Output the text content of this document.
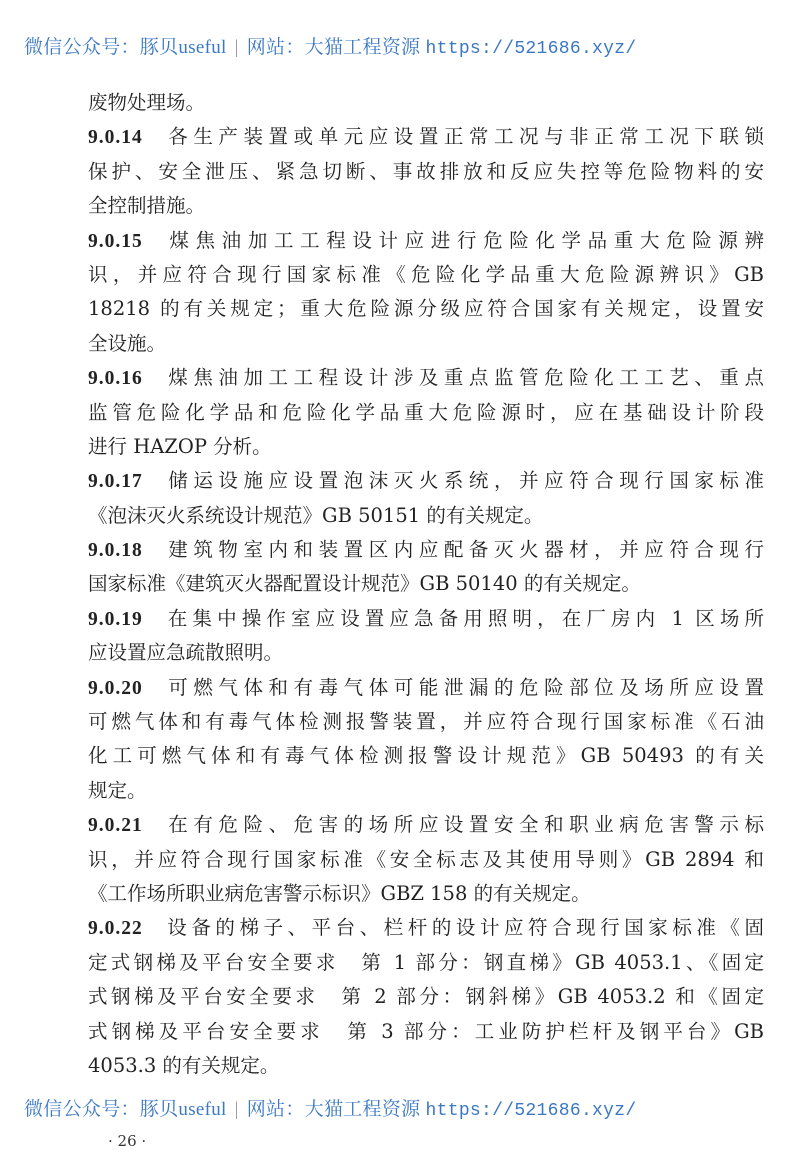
微信公众号：豚贝useful | 网站：大猫工程资源 https://521686.xyz/
废物处理场。
9.0.14 各生产装置或单元应设置正常工况与非正常工况下联锁
保护、安全泄压、紧急切断、事故排放和反应失控等危险物料的安
全控制措施。
9.0.15 煤焦油加工工程设计应进行危险化学品重大危险源辨
识，并应符合现行国家标准《危险化学品重大危险源辨识》GB
18218 的有关规定；重大危险源分级应符合国家有关规定，设置安
全设施。
9.0.16 煤焦油加工工程设计涉及重点监管危险化工工艺、重点
监管危险化学品和危险化学品重大危险源时，应在基础设计阶段
进行 HAZOP 分析。
9.0.17 储运设施应设置泡沫灭火系统，并应符合现行国家标准
《泡沫灭火系统设计规范》GB 50151 的有关规定。
9.0.18 建筑物室内和装置区内应配备灭火器材，并应符合现行
国家标准《建筑灭火器配置设计规范》GB 50140 的有关规定。
9.0.19 在集中操作室应设置应急备用照明，在厂房内 1 区场所
应设置应急疏散照明。
9.0.20 可燃气体和有毒气体可能泄漏的危险部位及场所应设置
可燃气体和有毒气体检测报警装置，并应符合现行国家标准《石油
化工可燃气体和有毒气体检测报警设计规范》GB 50493 的有关
规定。
9.0.21 在有危险、危害的场所应设置安全和职业病危害警示标
识，并应符合现行国家标准《安全标志及其使用导则》GB 2894 和
《工作场所职业病危害警示标识》GBZ 158 的有关规定。
9.0.22 设备的梯子、平台、栏杆的设计应符合现行国家标准《固
定式钢梯及平台安全要求　第 1 部分：钢直梯》GB 4053.1、《固定
式钢梯及平台安全要求　第 2 部分：钢斜梯》GB 4053.2 和《固定
式钢梯及平台安全要求　第 3 部分：工业防护栏杆及钢平台》GB
4053.3 的有关规定。
微信公众号：豚贝useful | 网站：大猫工程资源 https://521686.xyz/
· 26 ·
